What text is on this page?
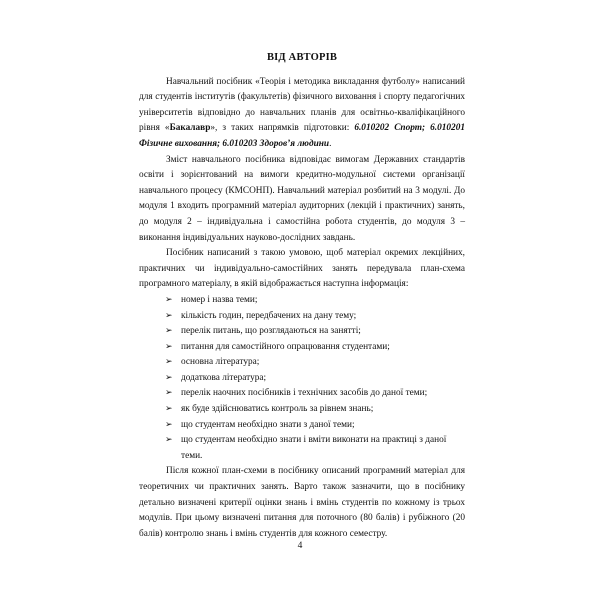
ВІД АВТОРІВ

Навчальний посібник «Теорія і методика викладання футболу» написаний для студентів інститутів (факультетів) фізичного виховання і спорту педагогічних університетів відповідно до навчальних планів для освітньо-кваліфікаційного рівня «Бакалавр», з таких напрямків підготовки: 6.010202 Спорт; 6.010201 Фізичне виховання; 6.010203 Здоров’я людини.

Зміст навчального посібника відповідає вимогам Державних стандартів освіти і зорієнтований на вимоги кредитно-модульної системи організації навчального процесу (КМСОНП). Навчальний матеріал розбитий на 3 модулі. До модуля 1 входить програмний матеріал аудиторних (лекцій і практичних) занять, до модуля 2 – індивідуальна і самостійна робота студентів, до модуля 3 – виконання індивідуальних науково-дослідних завдань.

Посібник написаний з такою умовою, щоб матеріал окремих лекційних, практичних чи індивідуально-самостійних занять передувала план-схема програмного матеріалу, в якій відображається наступна інформація:

➢ номер і назва теми;
➢ кількість годин, передбачених на дану тему;
➢ перелік питань, що розглядаються на занятті;
➢ питання для самостійного опрацювання студентами;
➢ основна література;
➢ додаткова література;
➢ перелік наочних посібників і технічних засобів до даної теми;
➢ як буде здійснюватись контроль за рівнем знань;
➢ що студентам необхідно знати з даної теми;
➢ що студентам необхідно знати і вміти виконати на практиці з даної теми.

Після кожної план-схеми в посібнику описаний програмний матеріал для теоретичних чи практичних занять. Варто також зазначити, що в посібнику детально визначені критерії оцінки знань і вмінь студентів по кожному із трьох модулів. При цьому визначені питання для поточного (80 балів) і рубіжного (20 балів) контролю знань і вмінь студентів для кожного семестру.

4
